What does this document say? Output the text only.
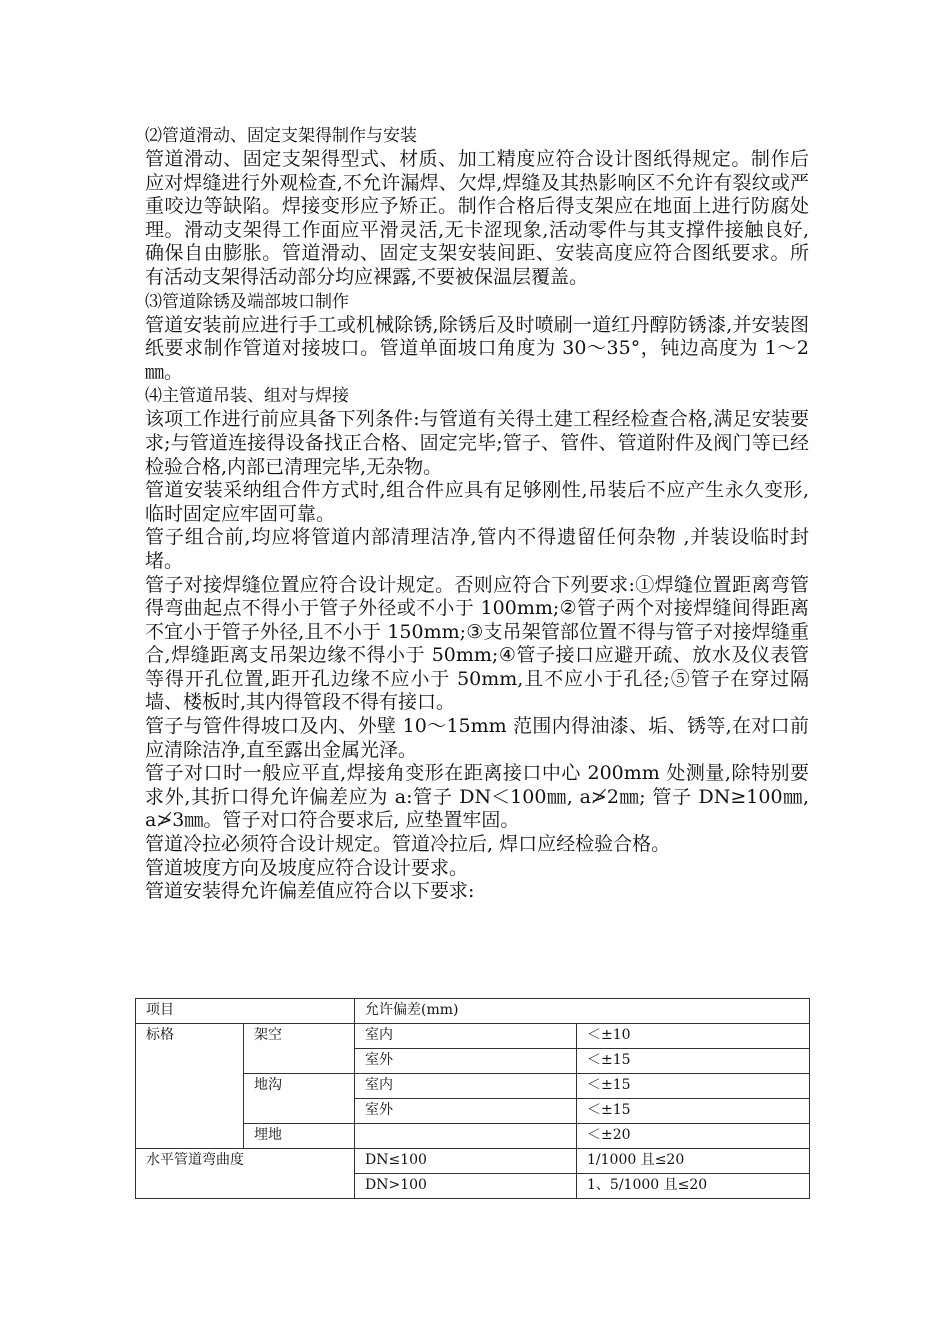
⑵管道滑动、固定支架得制作与安装

管道滑动、固定支架得型式、材质、加工精度应符合设计图纸得规定。制作后应对焊缝进行外观检查,不允许漏焊、欠焊,焊缝及其热影响区不允许有裂纹或严重咬边等缺陷。焊接变形应予矫正。制作合格后得支架应在地面上进行防腐处理。滑动支架得工作面应平滑灵活,无卡涩现象,活动零件与其支撑件接触良好,确保自由膨胀。管道滑动、固定支架安装间距、安装高度应符合图纸要求。所有活动支架得活动部分均应裸露,不要被保温层覆盖。

⑶管道除锈及端部坡口制作

管道安装前应进行手工或机械除锈,除锈后及时喷刷一道红丹醇防锈漆,并安装图纸要求制作管道对接坡口。管道单面坡口角度为 30～35°，钝边高度为 1～2㎜。

⑷主管道吊装、组对与焊接

该项工作进行前应具备下列条件:与管道有关得土建工程经检查合格,满足安装要求;与管道连接得设备找正合格、固定完毕;管子、管件、管道附件及阀门等已经检验合格,内部已清理完毕,无杂物。

管道安装采纳组合件方式时,组合件应具有足够刚性,吊装后不应产生永久变形,临时固定应牢固可靠。

管子组合前,均应将管道内部清理洁净,管内不得遗留任何杂物 ,并装设临时封堵。

管子对接焊缝位置应符合设计规定。否则应符合下列要求:①焊缝位置距离弯管得弯曲起点不得小于管子外径或不小于 100mm;②管子两个对接焊缝间得距离不宜小于管子外径,且不小于 150mm;③支吊架管部位置不得与管子对接焊缝重合,焊缝距离支吊架边缘不得小于 50mm;④管子接口应避开疏、放水及仪表管等得开孔位置,距开孔边缘不应小于 50mm,且不应小于孔径;⑤管子在穿过隔墙、楼板时,其内得管段不得有接口。

管子与管件得坡口及内、外壁 10～15mm 范围内得油漆、垢、锈等,在对口前应清除洁净,直至露出金属光泽。

管子对口时一般应平直,焊接角变形在距离接口中心 200mm 处测量,除特别要求外,其折口得允许偏差应为 a:管子 DN＜100㎜, a≯2㎜; 管子 DN≥100㎜, a≯3㎜。管子对口符合要求后, 应垫置牢固。

管道冷拉必须符合设计规定。管道冷拉后, 焊口应经检验合格。

管道坡度方向及坡度应符合设计要求。

管道安装得允许偏差值应符合以下要求:

项目		允许偏差(mm)	
标格	架空	室内	＜±10
		室外	＜±15
	地沟	室内	＜±15
		室外	＜±15
	埋地		＜±20
水平管道弯曲度		DN≤100	1/1000 且≤20
		DN>100	1、5/1000 且≤20
